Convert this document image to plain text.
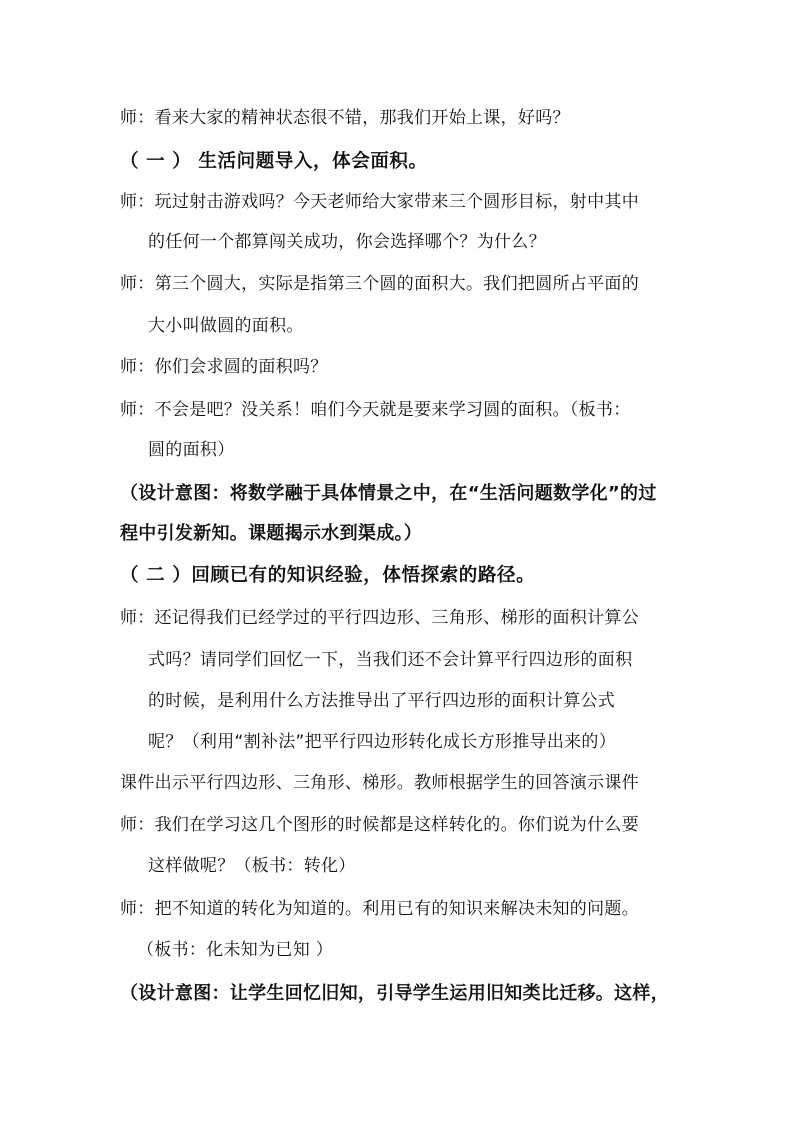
师：看来大家的精神状态很不错，那我们开始上课，好吗？
（ 一 ） 生活问题导入，体会面积。
师：玩过射击游戏吗？今天老师给大家带来三个圆形目标，射中其中
的任何一个都算闯关成功，你会选择哪个？为什么？
师：第三个圆大，实际是指第三个圆的面积大。我们把圆所占平面的
大小叫做圆的面积。
师：你们会求圆的面积吗？
师：不会是吧？没关系！咱们今天就是要来学习圆的面积。（板书：
圆的面积）
（设计意图：将数学融于具体情景之中，在“生活问题数学化”的过
程中引发新知。课题揭示水到渠成。）
（ 二 ）回顾已有的知识经验，体悟探索的路径。
师：还记得我们已经学过的平行四边形、三角形、梯形的面积计算公
式吗？请同学们回忆一下，当我们还不会计算平行四边形的面积
的时候，是利用什么方法推导出了平行四边形的面积计算公式
呢？（利用“割补法”把平行四边形转化成长方形推导出来的）
课件出示平行四边形、三角形、梯形。教师根据学生的回答演示课件
师：我们在学习这几个图形的时候都是这样转化的。你们说为什么要
这样做呢？（板书：转化）
师：把不知道的转化为知道的。利用已有的知识来解决未知的问题。
（板书：化未知为已知 ）
（设计意图：让学生回忆旧知，引导学生运用旧知类比迁移。这样，
